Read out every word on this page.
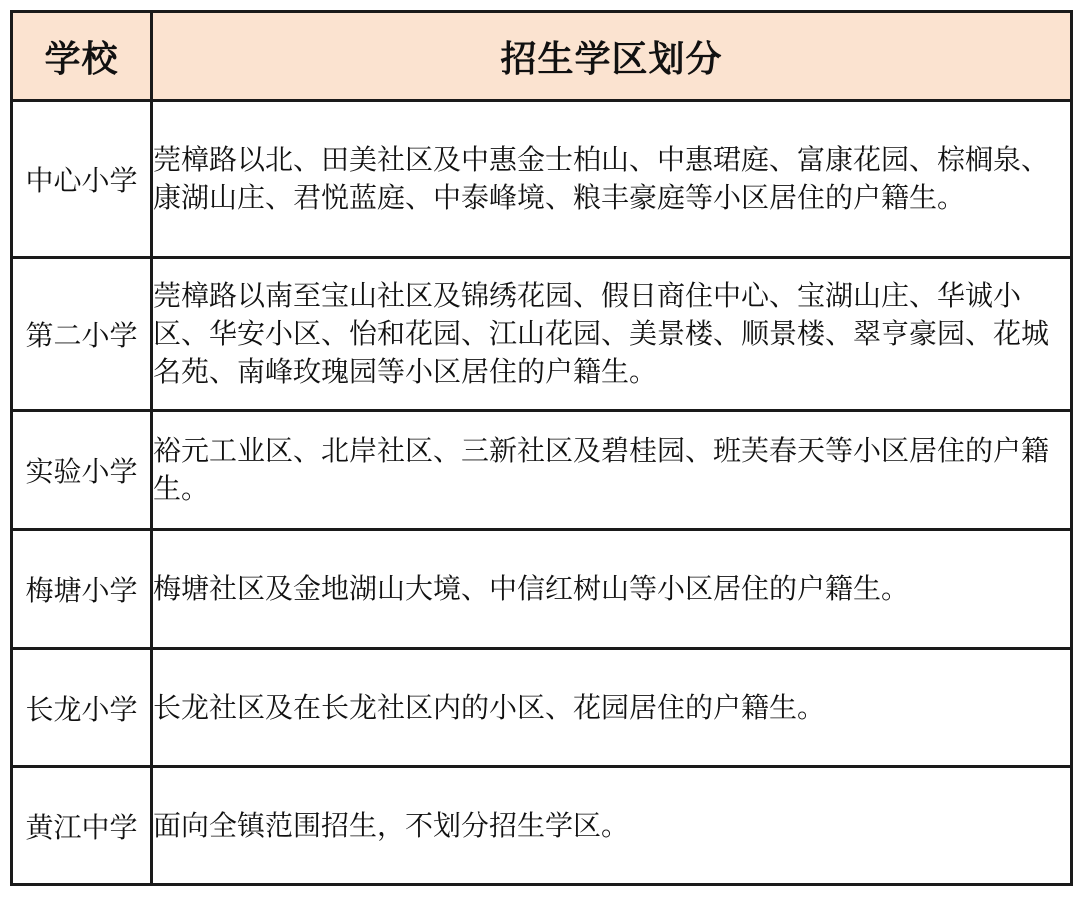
学校	招生学区划分
中心小学	莞樟路以北、田美社区及中惠金士柏山、中惠珺庭、富康花园、棕榈泉、康湖山庄、君悦蓝庭、中泰峰境、粮丰豪庭等小区居住的户籍生。
第二小学	莞樟路以南至宝山社区及锦绣花园、假日商住中心、宝湖山庄、华诚小区、华安小区、怡和花园、江山花园、美景楼、顺景楼、翠亨豪园、花城名苑、南峰玫瑰园等小区居住的户籍生。
实验小学	裕元工业区、北岸社区、三新社区及碧桂园、班芙春天等小区居住的户籍生。
梅塘小学	梅塘社区及金地湖山大境、中信红树山等小区居住的户籍生。
长龙小学	长龙社区及在长龙社区内的小区、花园居住的户籍生。
黄江中学	面向全镇范围招生，不划分招生学区。
